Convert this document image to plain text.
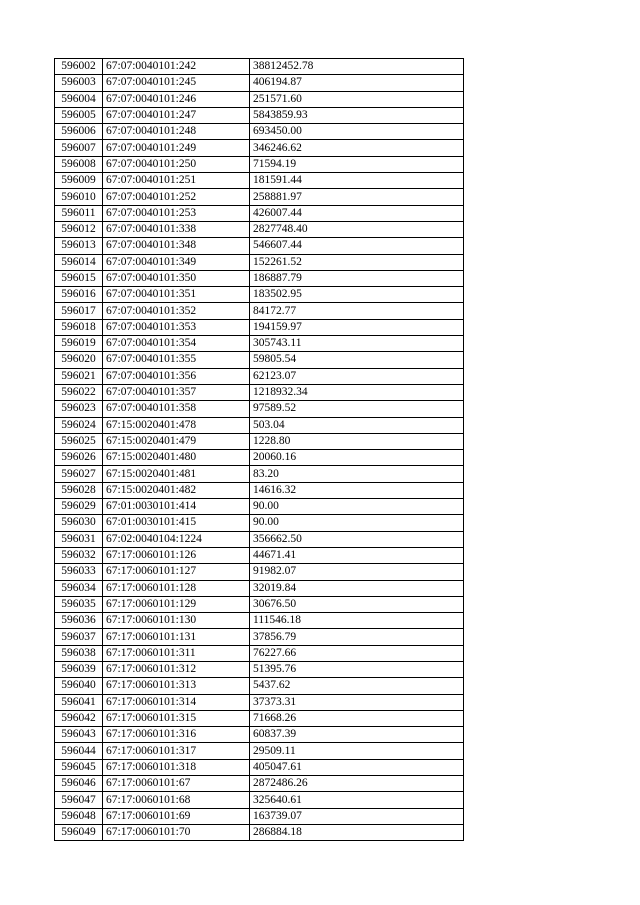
596002	67:07:0040101:242	38812452.78
596003	67:07:0040101:245	406194.87
596004	67:07:0040101:246	251571.60
596005	67:07:0040101:247	5843859.93
596006	67:07:0040101:248	693450.00
596007	67:07:0040101:249	346246.62
596008	67:07:0040101:250	71594.19
596009	67:07:0040101:251	181591.44
596010	67:07:0040101:252	258881.97
596011	67:07:0040101:253	426007.44
596012	67:07:0040101:338	2827748.40
596013	67:07:0040101:348	546607.44
596014	67:07:0040101:349	152261.52
596015	67:07:0040101:350	186887.79
596016	67:07:0040101:351	183502.95
596017	67:07:0040101:352	84172.77
596018	67:07:0040101:353	194159.97
596019	67:07:0040101:354	305743.11
596020	67:07:0040101:355	59805.54
596021	67:07:0040101:356	62123.07
596022	67:07:0040101:357	1218932.34
596023	67:07:0040101:358	97589.52
596024	67:15:0020401:478	503.04
596025	67:15:0020401:479	1228.80
596026	67:15:0020401:480	20060.16
596027	67:15:0020401:481	83.20
596028	67:15:0020401:482	14616.32
596029	67:01:0030101:414	90.00
596030	67:01:0030101:415	90.00
596031	67:02:0040104:1224	356662.50
596032	67:17:0060101:126	44671.41
596033	67:17:0060101:127	91982.07
596034	67:17:0060101:128	32019.84
596035	67:17:0060101:129	30676.50
596036	67:17:0060101:130	111546.18
596037	67:17:0060101:131	37856.79
596038	67:17:0060101:311	76227.66
596039	67:17:0060101:312	51395.76
596040	67:17:0060101:313	5437.62
596041	67:17:0060101:314	37373.31
596042	67:17:0060101:315	71668.26
596043	67:17:0060101:316	60837.39
596044	67:17:0060101:317	29509.11
596045	67:17:0060101:318	405047.61
596046	67:17:0060101:67	2872486.26
596047	67:17:0060101:68	325640.61
596048	67:17:0060101:69	163739.07
596049	67:17:0060101:70	286884.18
